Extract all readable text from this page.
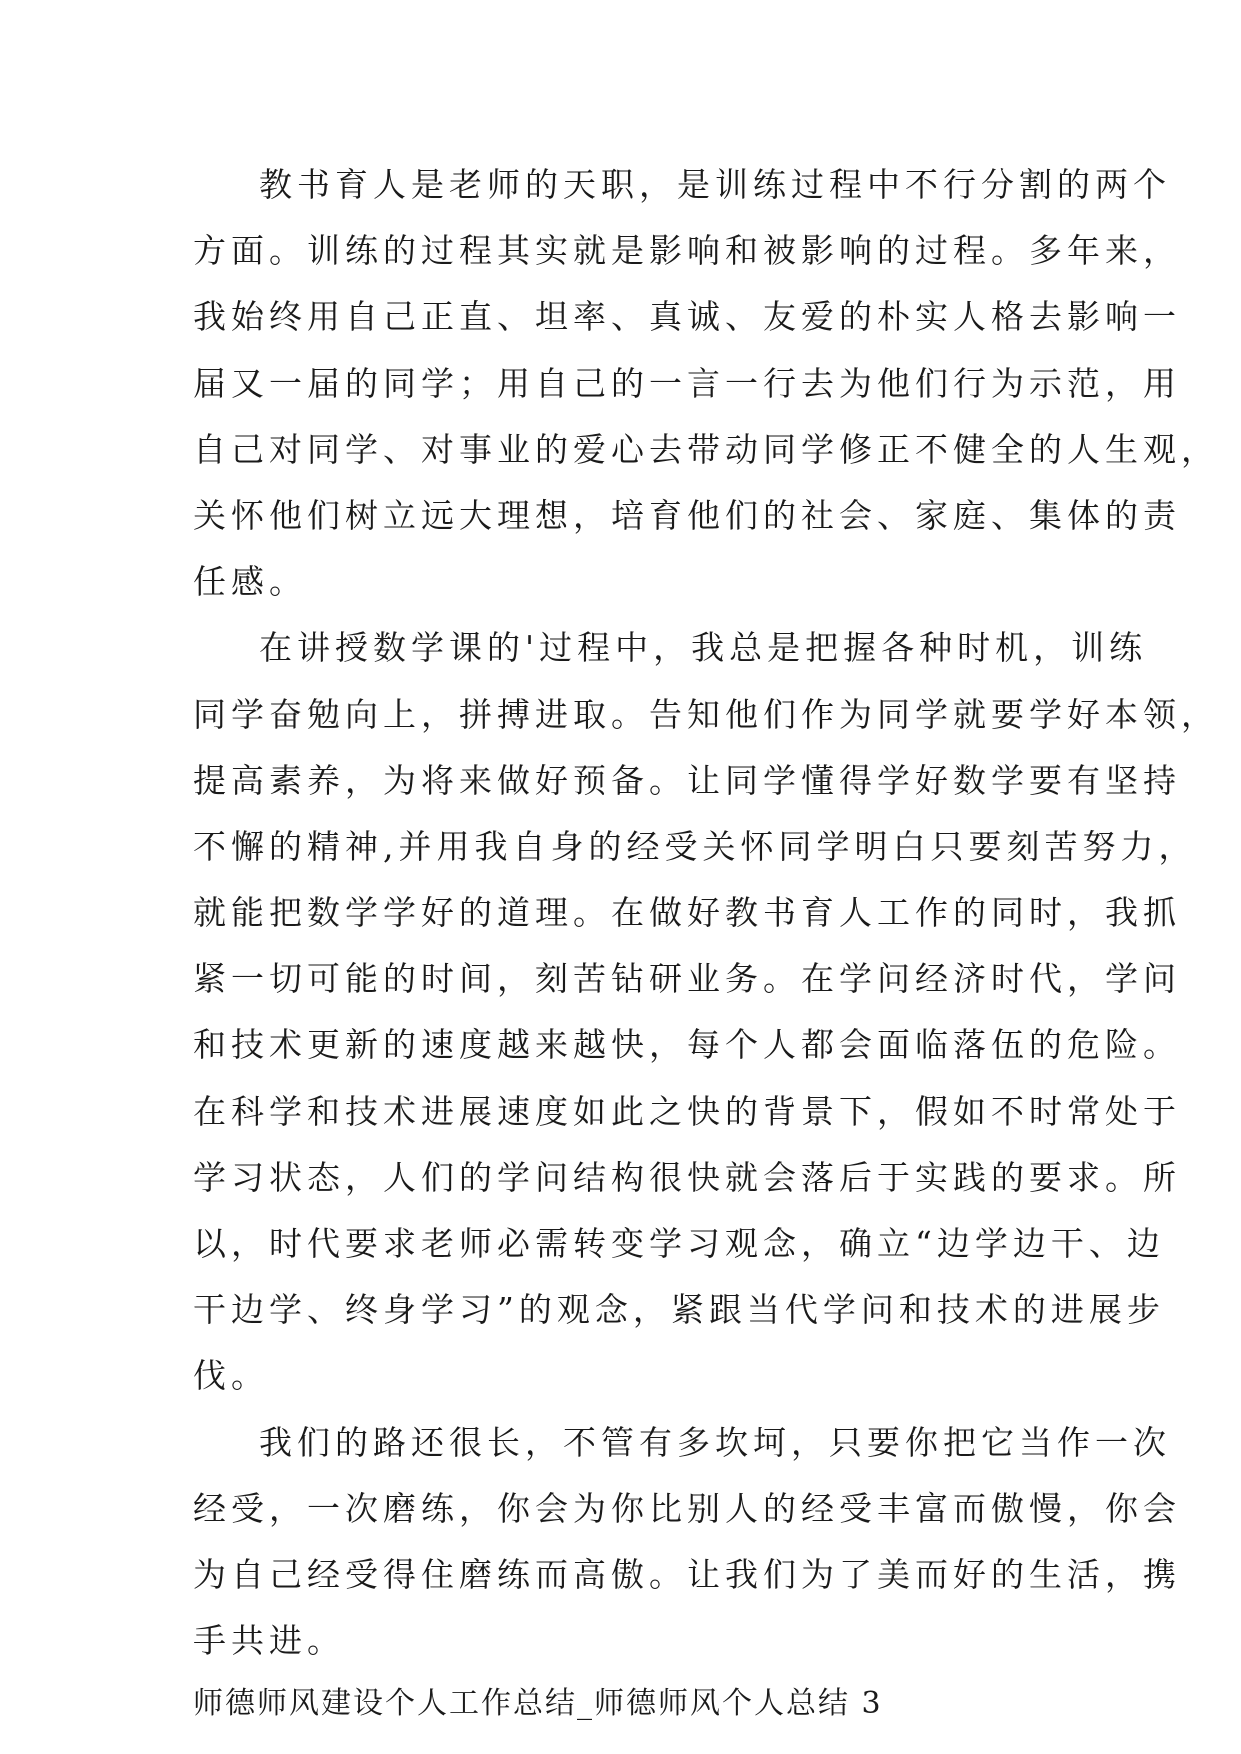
教书育人是老师的天职，是训练过程中不行分割的两个
方面。训练的过程其实就是影响和被影响的过程。多年来，
我始终用自己正直、坦率、真诚、友爱的朴实人格去影响一
届又一届的同学；用自己的一言一行去为他们行为示范，用
自己对同学、对事业的爱心去带动同学修正不健全的人生观，
关怀他们树立远大理想，培育他们的社会、家庭、集体的责
任感。
在讲授数学课的'过程中，我总是把握各种时机，训练
同学奋勉向上，拼搏进取。告知他们作为同学就要学好本领，
提高素养，为将来做好预备。让同学懂得学好数学要有坚持
不懈的精神,并用我自身的经受关怀同学明白只要刻苦努力，
就能把数学学好的道理。在做好教书育人工作的同时，我抓
紧一切可能的时间，刻苦钻研业务。在学问经济时代，学问
和技术更新的速度越来越快，每个人都会面临落伍的危险。
在科学和技术进展速度如此之快的背景下，假如不时常处于
学习状态，人们的学问结构很快就会落后于实践的要求。所
以，时代要求老师必需转变学习观念，确立“边学边干、边
干边学、终身学习”的观念，紧跟当代学问和技术的进展步
伐。
我们的路还很长，不管有多坎坷，只要你把它当作一次
经受，一次磨练，你会为你比别人的经受丰富而傲慢，你会
为自己经受得住磨练而高傲。让我们为了美而好的生活，携
手共进。
师德师风建设个人工作总结_师德师风个人总结 3
